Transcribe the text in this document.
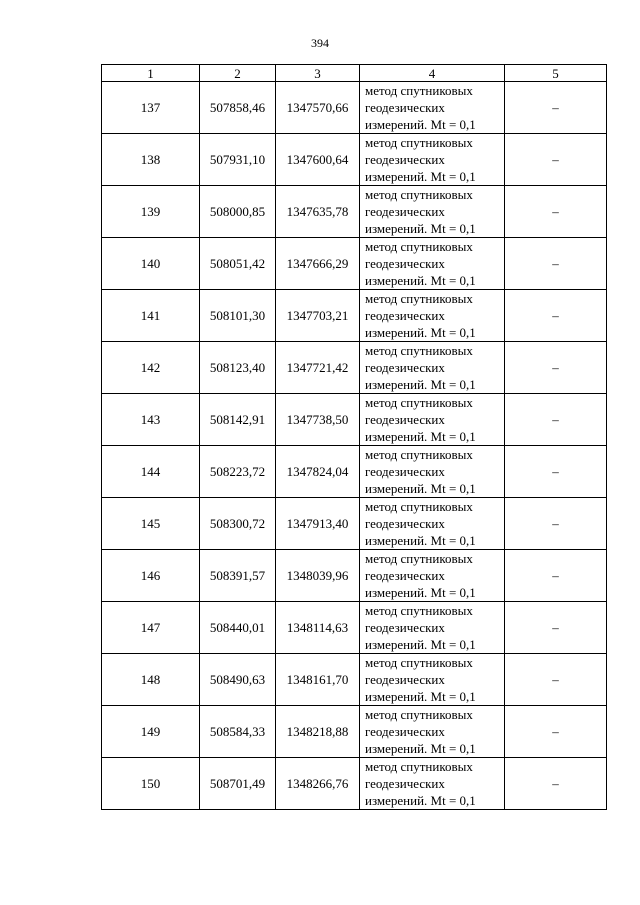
394
1	2	3	4	5
137	507858,46	1347570,66	метод спутниковых
геодезических
измерений. Mt = 0,1	–
138	507931,10	1347600,64	метод спутниковых
геодезических
измерений. Mt = 0,1	–
139	508000,85	1347635,78	метод спутниковых
геодезических
измерений. Mt = 0,1	–
140	508051,42	1347666,29	метод спутниковых
геодезических
измерений. Mt = 0,1	–
141	508101,30	1347703,21	метод спутниковых
геодезических
измерений. Mt = 0,1	–
142	508123,40	1347721,42	метод спутниковых
геодезических
измерений. Mt = 0,1	–
143	508142,91	1347738,50	метод спутниковых
геодезических
измерений. Mt = 0,1	–
144	508223,72	1347824,04	метод спутниковых
геодезических
измерений. Mt = 0,1	–
145	508300,72	1347913,40	метод спутниковых
геодезических
измерений. Mt = 0,1	–
146	508391,57	1348039,96	метод спутниковых
геодезических
измерений. Mt = 0,1	–
147	508440,01	1348114,63	метод спутниковых
геодезических
измерений. Mt = 0,1	–
148	508490,63	1348161,70	метод спутниковых
геодезических
измерений. Mt = 0,1	–
149	508584,33	1348218,88	метод спутниковых
геодезических
измерений. Mt = 0,1	–
150	508701,49	1348266,76	метод спутниковых
геодезических
измерений. Mt = 0,1	–
